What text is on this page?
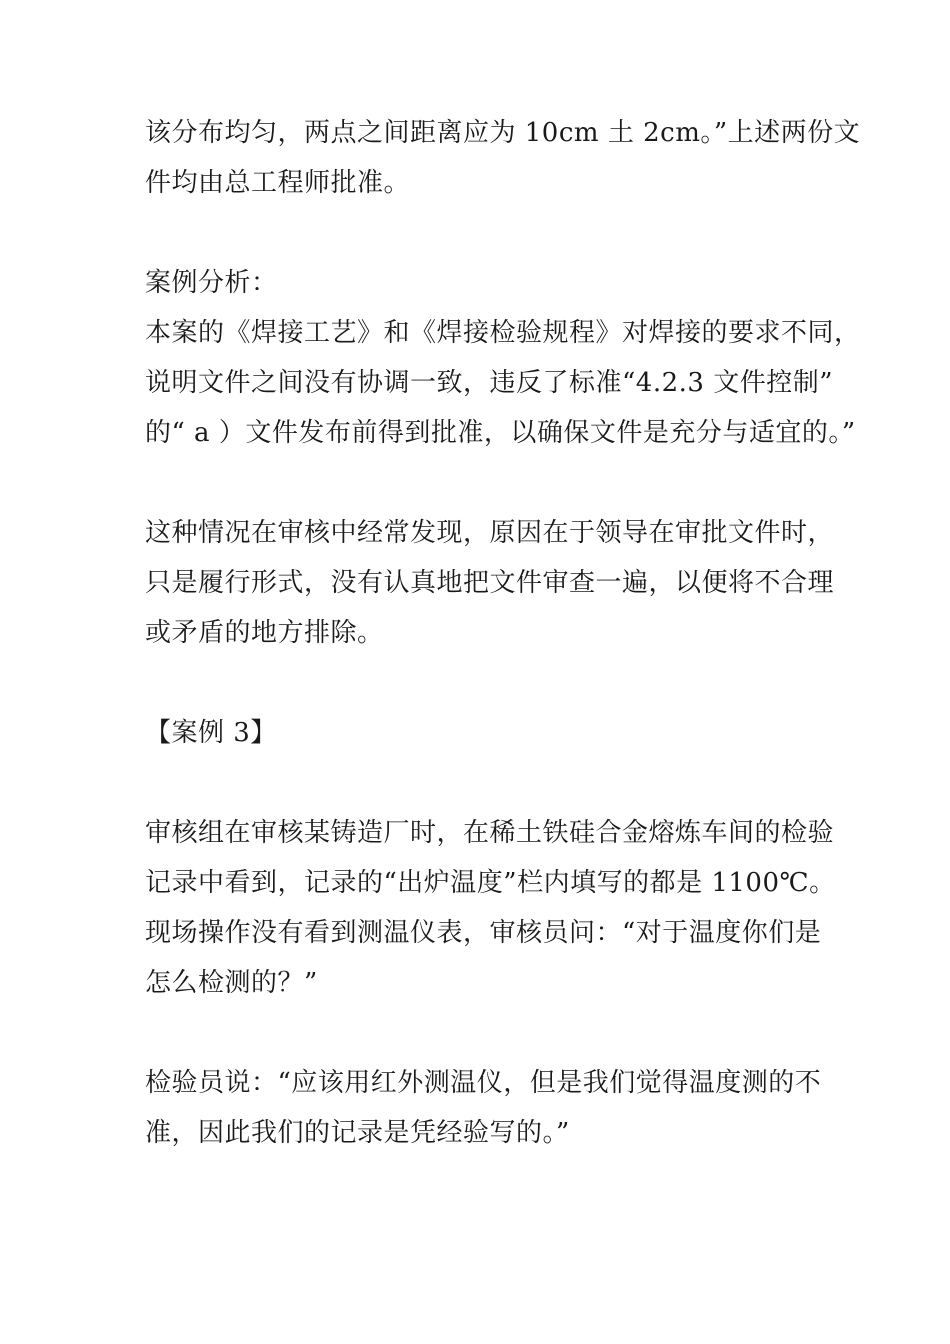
该分布均匀，两点之间距离应为 10cm 土 2cm。”上述两份文
件均由总工程师批准。
案例分析：
本案的《焊接工艺》和《焊接检验规程》对焊接的要求不同，
说明文件之间没有协调一致，违反了标准“4.2.3 文件控制”
的“ a ）文件发布前得到批准，以确保文件是充分与适宜的。”
这种情况在审核中经常发现，原因在于领导在审批文件时，
只是履行形式，没有认真地把文件审查一遍，以便将不合理
或矛盾的地方排除。
【案例 3】
审核组在审核某铸造厂时，在稀土铁硅合金熔炼车间的检验
记录中看到，记录的“出炉温度”栏内填写的都是 1100℃。
现场操作没有看到测温仪表，审核员问：“对于温度你们是
怎么检测的？”
检验员说：“应该用红外测温仪，但是我们觉得温度测的不
准，因此我们的记录是凭经验写的。”
